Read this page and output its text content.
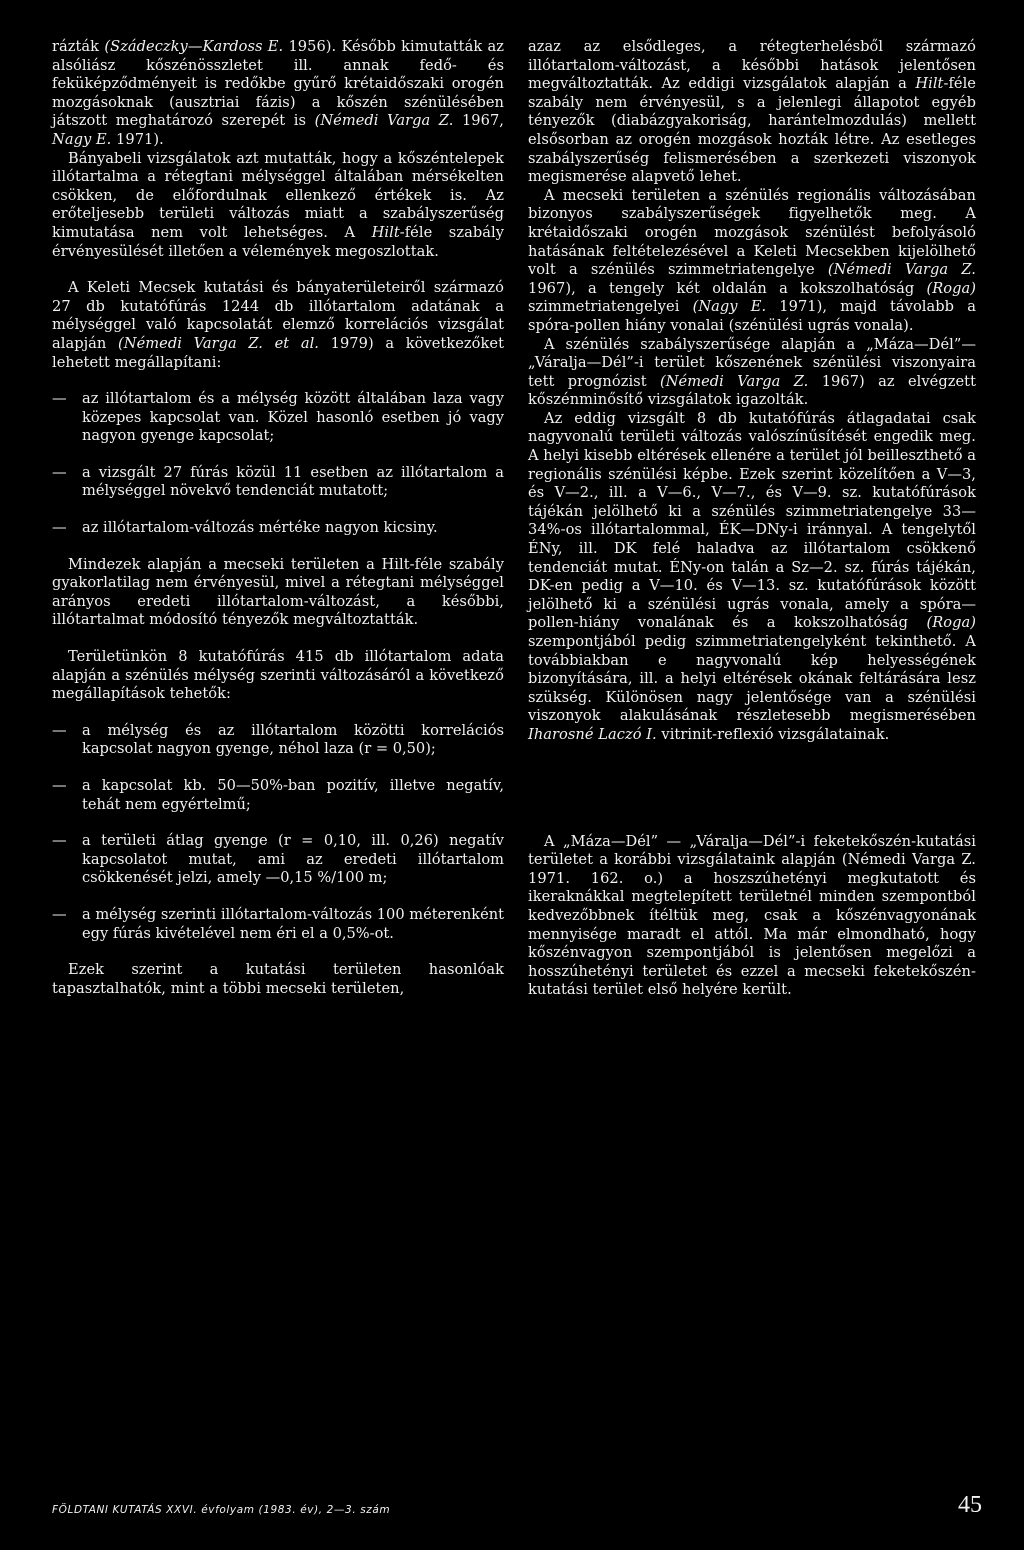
rázták (Szádeczky—Kardoss E. 1956). Később kimutatták az alsóliász kőszénösszletet ill. annak fedő- és feküképződményeit is redőkbe gyűrő krétaidőszaki orogén mozgásoknak (ausztriai fázis) a kőszén szénülésében játszott meghatározó szerepét is (Némedi Varga Z. 1967, Nagy E. 1971).

Bányabeli vizsgálatok azt mutatták, hogy a kőszéntelepek illótartalma a rétegtani mélységgel általában mérsékelten csökken, de előfordulnak ellenkező értékek is. Az erőteljesebb területi változás miatt a szabályszerűség kimutatása nem volt lehetséges. A Hilt-féle szabály érvényesülését illetően a vélemények megoszlottak.

A Keleti Mecsek kutatási és bányaterületeiről származó 27 db kutatófúrás 1244 db illótartalom adatának a mélységgel való kapcsolatát elemző korrelációs vizsgálat alapján (Némedi Varga Z. et al. 1979) a következőket lehetett megállapítani:

—	az illótartalom és a mélység között általában laza vagy közepes kapcsolat van. Közel hasonló esetben jó vagy nagyon gyenge kapcsolat;

—	a vizsgált 27 fúrás közül 11 esetben az illótartalom a mélységgel növekvő tendenciát mutatott;

—	az illótartalom-változás mértéke nagyon kicsiny.

Mindezek alapján a mecseki területen a Hilt-féle szabály gyakorlatilag nem érvényesül, mivel a rétegtani mélységgel arányos eredeti illótartalom-változást, a későbbi, illótartalmat módosító tényezők megváltoztatták.

Területünkön 8 kutatófúrás 415 db illótartalom adata alapján a szénülés mélység szerinti változásáról a következő megállapítások tehetők:

—	a mélység és az illótartalom közötti korrelációs kapcsolat nagyon gyenge, néhol laza (r = 0,50);

—	a kapcsolat kb. 50—50%-ban pozitív, illetve negatív, tehát nem egyértelmű;

—	a területi átlag gyenge (r = 0,10, ill. 0,26) negatív kapcsolatot mutat, ami az eredeti illótartalom csökkenését jelzi, amely —0,15 %/100 m;

—	a mélység szerinti illótartalom-változás 100 méterenként egy fúrás kivételével nem éri el a 0,5%-ot.

Ezek szerint a kutatási területen hasonlóak tapasztalhatók, mint a többi mecseki területen,

azaz az elsődleges, a rétegterhelésből származó illótartalom-változást, a későbbi hatások jelentősen megváltoztatták. Az eddigi vizsgálatok alapján a Hilt-féle szabály nem érvényesül, s a jelenlegi állapotot egyéb tényezők (diabázgyakoriság, harántelmozdulás) mellett elsősorban az orogén mozgások hozták létre. Az esetleges szabályszerűség felismerésében a szerkezeti viszonyok megismerése alapvető lehet.

A mecseki területen a szénülés regionális változásában bizonyos szabályszerűségek figyelhetők meg. A krétaidőszaki orogén mozgások szénülést befolyásoló hatásának feltételezésével a Keleti Mecsekben kijelölhető volt a szénülés szimmetriatengelye (Némedi Varga Z. 1967), a tengely két oldalán a kokszolhatóság (Roga) szimmetriatengelyei (Nagy E. 1971), majd távolabb a spóra-pollen hiány vonalai (szénülési ugrás vonala).

A szénülés szabályszerűsége alapján a „Máza—Dél”—„Váralja—Dél”-i terület kőszenének szénülési viszonyaira tett prognózist (Némedi Varga Z. 1967) az elvégzett kőszénminősítő vizsgálatok igazolták.

Az eddig vizsgált 8 db kutatófúrás átlagadatai csak nagyvonalú területi változás valószínűsítését engedik meg. A helyi kisebb eltérések ellenére a terület jól beilleszthető a regionális szénülési képbe. Ezek szerint közelítően a V—3, és V—2., ill. a V—6., V—7., és V—9. sz. kutatófúrások tájékán jelölhető ki a szénülés szimmetriatengelye 33—34%-os illótartalommal, ÉK—DNy-i iránnyal. A tengelytől ÉNy, ill. DK felé haladva az illótartalom csökkenő tendenciát mutat. ÉNy-on talán a Sz—2. sz. fúrás tájékán, DK-en pedig a V—10. és V—13. sz. kutatófúrások között jelölhető ki a szénülési ugrás vonala, amely a spóra—pollen-hiány vonalának és a kokszolhatóság (Roga) szempontjából pedig szimmetriatengelyként tekinthető. A továbbiakban e nagyvonalú kép helyességének bizonyítására, ill. a helyi eltérések okának feltárására lesz szükség. Különösen nagy jelentősége van a szénülési viszonyok alakulásának részletesebb megismerésében Iharosné Laczó I. vitrinit-reflexió vizsgálatainak.

A „Máza—Dél” — „Váralja—Dél”-i feketekőszén-kutatási területet a korábbi vizsgálataink alapján (Némedi Varga Z. 1971. 162. o.) a hoszszúhetényi megkutatott és ikeraknákkal megtelepített területnél minden szempontból kedvezőbbnek ítéltük meg, csak a kőszénvagyonának mennyisége maradt el attól. Ma már elmondható, hogy kőszénvagyon szempontjából is jelentősen megelőzi a hosszúhetényi területet és ezzel a mecseki feketekőszén-kutatási terület első helyére került.

FÖLDTANI KUTATÁS XXVI. évfolyam (1983. év), 2—3. szám	45
